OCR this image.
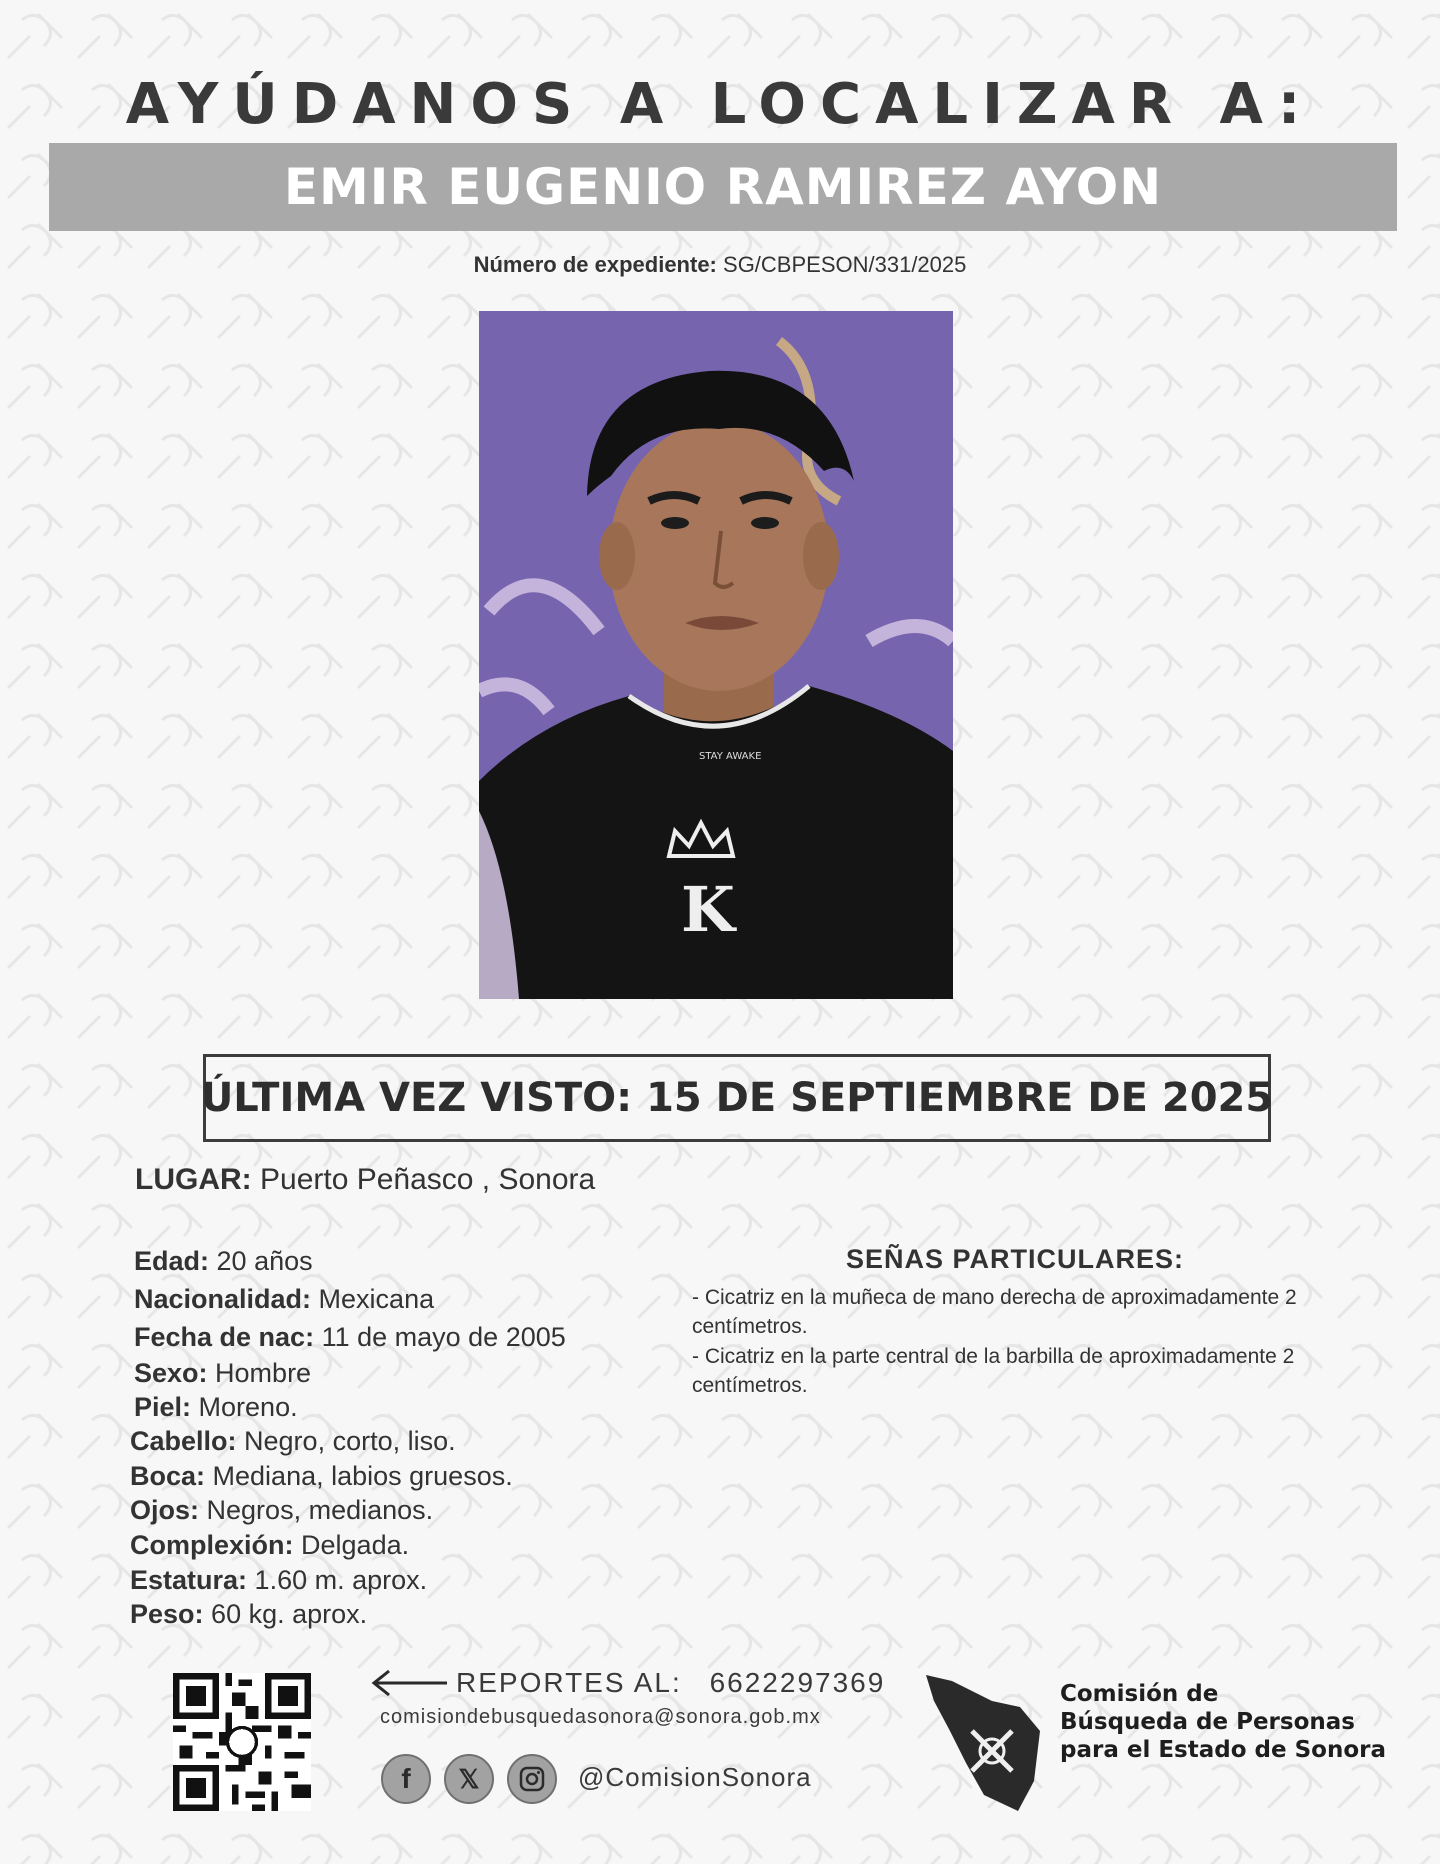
AYÚDANOS A LOCALIZAR A:
EMIR EUGENIO RAMIREZ AYON
Número de expediente: SG/CBPESON/331/2025
STAY AWAKE
K
ÚLTIMA VEZ VISTO: 15 DE SEPTIEMBRE DE 2025
LUGAR: Puerto Peñasco , Sonora
Edad: 20 años
Nacionalidad: Mexicana
Fecha de nac: 11 de mayo de 2005
Sexo: Hombre
Piel: Moreno.
Cabello: Negro, corto, liso.
Boca: Mediana, labios gruesos.
Ojos: Negros, medianos.
Complexión: Delgada.
Estatura: 1.60 m. aprox.
Peso: 60 kg. aprox.
SEÑAS PARTICULARES:
- Cicatriz en la muñeca de mano derecha de aproximadamente 2 centímetros.
- Cicatriz en la parte central de la barbilla de aproximadamente 2 centímetros.
REPORTES AL: 6622297369
comisiondebusquedasonora@sonora.gob.mx
f	𝕏	@ComisionSonora
Comisión de
Búsqueda de Personas
para el Estado de Sonora
